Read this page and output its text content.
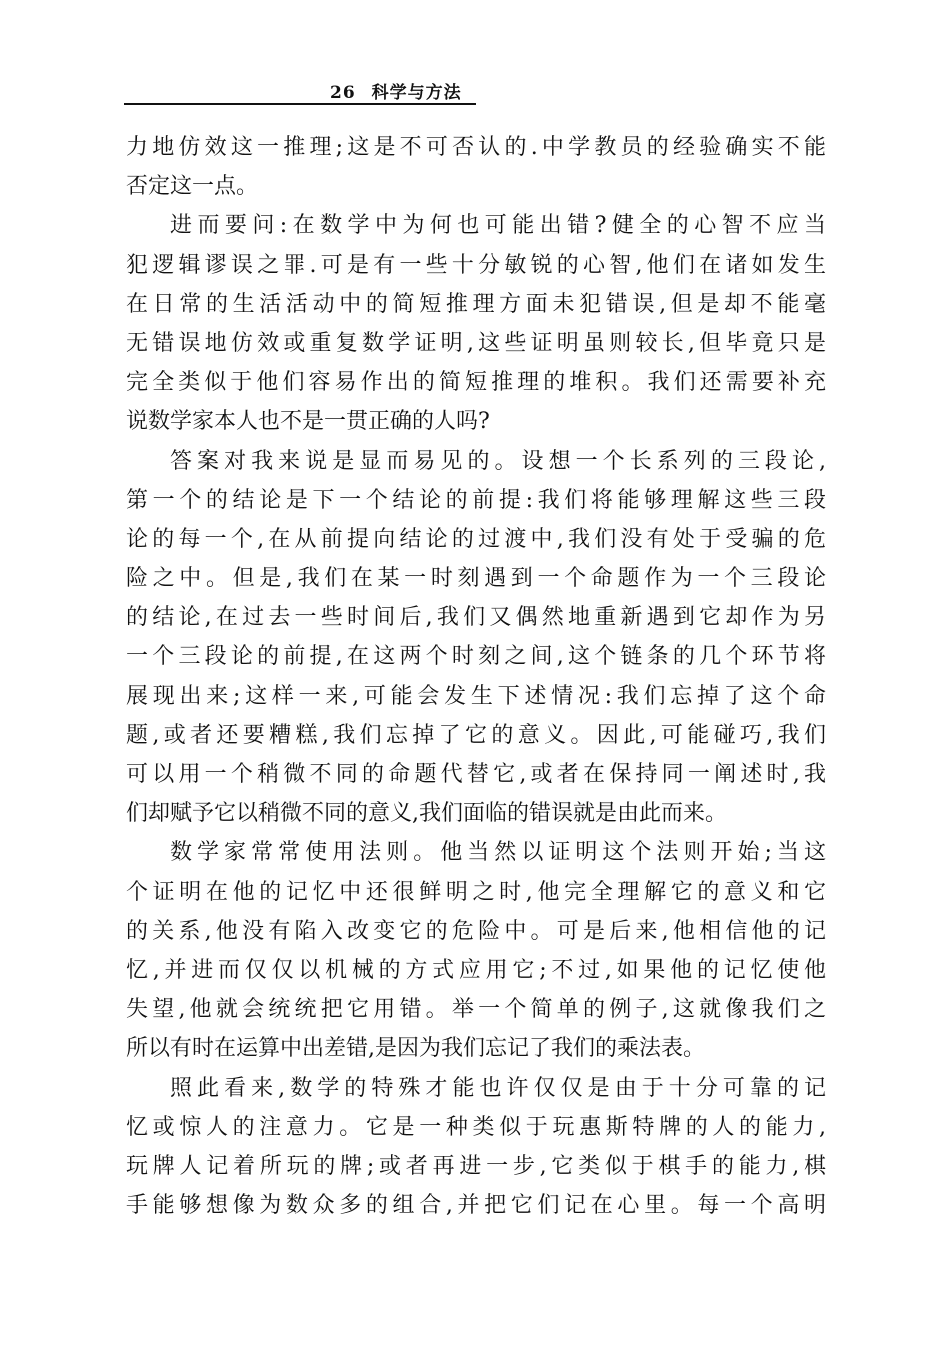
26 科学与方法
力地仿效这一推理;这是不可否认的.中学教员的经验确实不能
否定这一点。
进而要问:在数学中为何也可能出错?健全的心智不应当
犯逻辑谬误之罪.可是有一些十分敏锐的心智,他们在诸如发生
在日常的生活活动中的简短推理方面未犯错误,但是却不能毫
无错误地仿效或重复数学证明,这些证明虽则较长,但毕竟只是
完全类似于他们容易作出的简短推理的堆积。我们还需要补充
说数学家本人也不是一贯正确的人吗?
答案对我来说是显而易见的。设想一个长系列的三段论,
第一个的结论是下一个结论的前提:我们将能够理解这些三段
论的每一个,在从前提向结论的过渡中,我们没有处于受骗的危
险之中。但是,我们在某一时刻遇到一个命题作为一个三段论
的结论,在过去一些时间后,我们又偶然地重新遇到它却作为另
一个三段论的前提,在这两个时刻之间,这个链条的几个环节将
展现出来;这样一来,可能会发生下述情况:我们忘掉了这个命
题,或者还要糟糕,我们忘掉了它的意义。因此,可能碰巧,我们
可以用一个稍微不同的命题代替它,或者在保持同一阐述时,我
们却赋予它以稍微不同的意义,我们面临的错误就是由此而来。
数学家常常使用法则。他当然以证明这个法则开始;当这
个证明在他的记忆中还很鲜明之时,他完全理解它的意义和它
的关系,他没有陷入改变它的危险中。可是后来,他相信他的记
忆,并进而仅仅以机械的方式应用它;不过,如果他的记忆使他
失望,他就会统统把它用错。举一个简单的例子,这就像我们之
所以有时在运算中出差错,是因为我们忘记了我们的乘法表。
照此看来,数学的特殊才能也许仅仅是由于十分可靠的记
忆或惊人的注意力。它是一种类似于玩惠斯特牌的人的能力,
玩牌人记着所玩的牌;或者再进一步,它类似于棋手的能力,棋
手能够想像为数众多的组合,并把它们记在心里。每一个高明
